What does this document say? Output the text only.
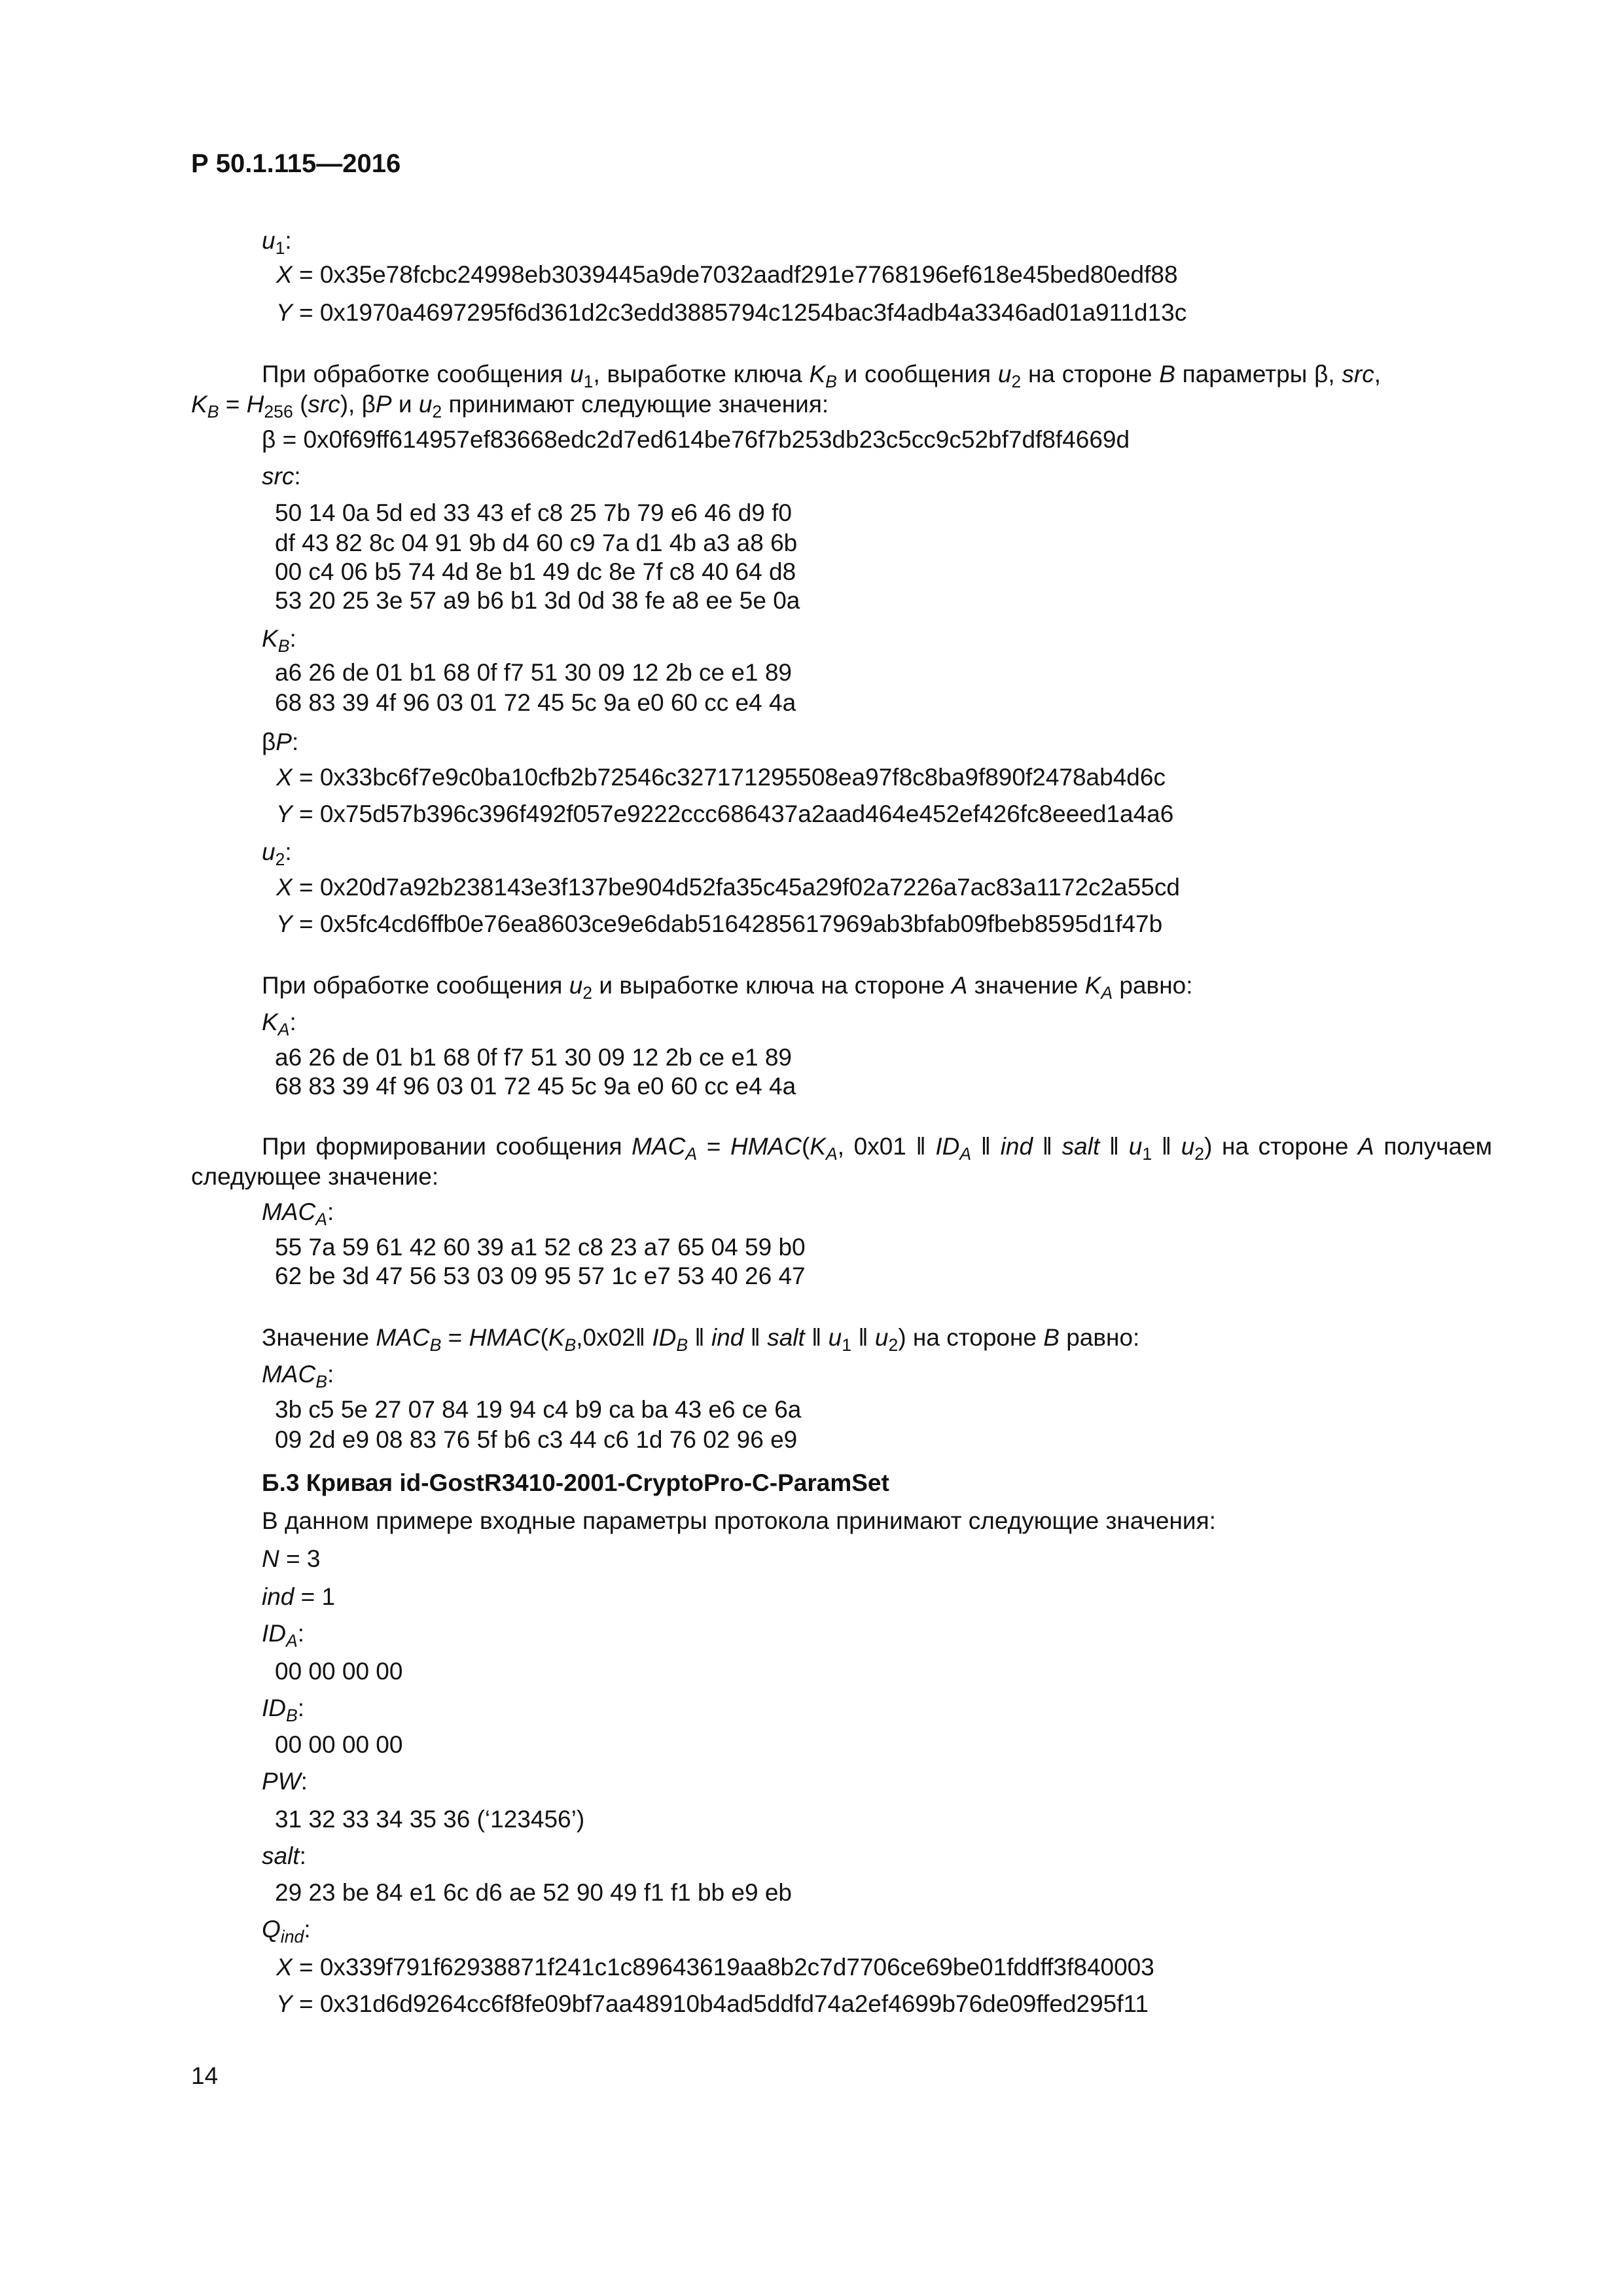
Р 50.1.115—2016
$u_1$:
X = 0x35e78fcbc24998eb3039445a9de7032aadf291e7768196ef618e45bed80edf88
Y = 0x1970a4697295f6d361d2c3edd3885794c1254bac3f4adb4a3346ad01a911d13c
При обработке сообщения $u_1$, выработке ключа $K_B$ и сообщения $u_2$ на стороне B параметры β, src,
$K_B = H_{256}$ (src), βP и $u_2$ принимают следующие значения:
β = 0x0f69ff614957ef83668edc2d7ed614be76f7b253db23c5cc9c52bf7df8f4669d
src:
50 14 0a 5d ed 33 43 ef c8 25 7b 79 e6 46 d9 f0
df 43 82 8c 04 91 9b d4 60 c9 7a d1 4b a3 a8 6b
00 c4 06 b5 74 4d 8e b1 49 dc 8e 7f c8 40 64 d8
53 20 25 3e 57 a9 b6 b1 3d 0d 38 fe a8 ee 5e 0a
$K_B$:
a6 26 de 01 b1 68 0f f7 51 30 09 12 2b ce e1 89
68 83 39 4f 96 03 01 72 45 5c 9a e0 60 cc e4 4a
βP:
X = 0x33bc6f7e9c0ba10cfb2b72546c327171295508ea97f8c8ba9f890f2478ab4d6c
Y = 0x75d57b396c396f492f057e9222ccc686437a2aad464e452ef426fc8eeed1a4a6
$u_2$:
X = 0x20d7a92b238143e3f137be904d52fa35c45a29f02a7226a7ac83a1172c2a55cd
Y = 0x5fc4cd6ffb0e76ea8603ce9e6dab5164285617969ab3bfab09fbeb8595d1f47b
При обработке сообщения $u_2$ и выработке ключа на стороне A значение $K_A$ равно:
$K_A$:
a6 26 de 01 b1 68 0f f7 51 30 09 12 2b ce e1 89
68 83 39 4f 96 03 01 72 45 5c 9a e0 60 cc e4 4a
При формировании сообщения $MAC_A$ = $HMAC(K_A$, 0x01 ‖ $ID_A$ ‖ ind ‖ salt ‖ $u_1$ ‖ $u_2$) на стороне A получаем
следующее значение:
$MAC_A$:
55 7a 59 61 42 60 39 a1 52 c8 23 a7 65 04 59 b0
62 be 3d 47 56 53 03 09 95 57 1c e7 53 40 26 47
Значение $MAC_B$ = $HMAC(K_B,0x02‖$ $ID_B$ ‖ ind ‖ salt ‖ $u_1$ ‖ $u_2$) на стороне B равно:
$MAC_B$:
3b c5 5e 27 07 84 19 94 c4 b9 ca ba 43 e6 ce 6a
09 2d e9 08 83 76 5f b6 c3 44 c6 1d 76 02 96 e9
Б.3 Кривая id-GostR3410-2001-CryptoPro-C-ParamSet
В данном примере входные параметры протокола принимают следующие значения:
N = 3
ind = 1
$ID_A$:
00 00 00 00
$ID_B$:
00 00 00 00
PW:
31 32 33 34 35 36 (‘123456’)
salt:
29 23 be 84 e1 6c d6 ae 52 90 49 f1 f1 bb e9 eb
$Q_{ind}$:
X = 0x339f791f62938871f241c1c89643619aa8b2c7d7706ce69be01fddff3f840003
Y = 0x31d6d9264cc6f8fe09bf7aa48910b4ad5ddfd74a2ef4699b76de09ffed295f11
14
